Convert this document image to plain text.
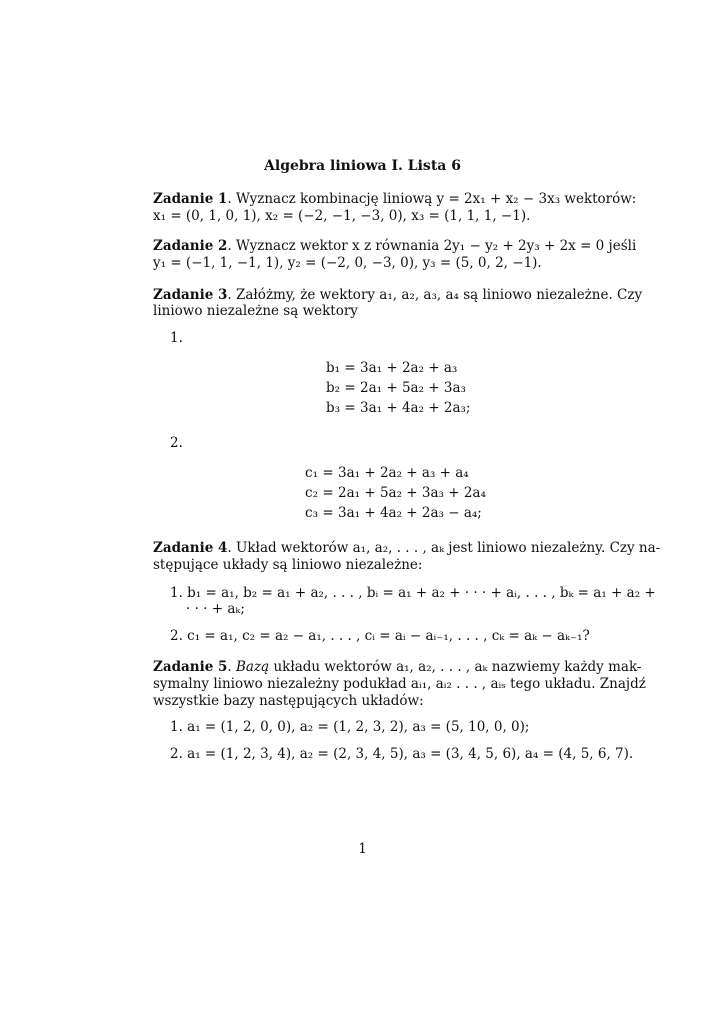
Algebra liniowa I. Lista 6
Zadanie 1. Wyznacz kombinację liniową y = 2x₁ + x₂ − 3x₃ wektorów:
x₁ = (0, 1, 0, 1), x₂ = (−2, −1, −3, 0), x₃ = (1, 1, 1, −1).
Zadanie 2. Wyznacz wektor x z równania 2y₁ − y₂ + 2y₃ + 2x = 0 jeśli
y₁ = (−1, 1, −1, 1), y₂ = (−2, 0, −3, 0), y₃ = (5, 0, 2, −1).
Zadanie 3. Załóżmy, że wektory a₁, a₂, a₃, a₄ są liniowo niezależne. Czy
liniowo niezależne są wektory
1.
b₁ = 3a₁ + 2a₂ + a₃
b₂ = 2a₁ + 5a₂ + 3a₃
b₃ = 3a₁ + 4a₂ + 2a₃;
2.
c₁ = 3a₁ + 2a₂ + a₃ + a₄
c₂ = 2a₁ + 5a₂ + 3a₃ + 2a₄
c₃ = 3a₁ + 4a₂ + 2a₃ − a₄;
Zadanie 4. Układ wektorów a₁, a₂, . . . , aₖ jest liniowo niezależny. Czy na-
stępujące układy są liniowo niezależne:
1. b₁ = a₁, b₂ = a₁ + a₂, . . . , bᵢ = a₁ + a₂ + · · · + aᵢ, . . . , bₖ = a₁ + a₂ +
· · · + aₖ;
2. c₁ = a₁, c₂ = a₂ − a₁, . . . , cᵢ = aᵢ − aᵢ₋₁, . . . , cₖ = aₖ − aₖ₋₁?
Zadanie 5. Bazą układu wektorów a₁, a₂, . . . , aₖ nazwiemy każdy mak-
symalny liniowo niezależny podukład aᵢ₁, aᵢ₂ . . . , aᵢₛ tego układu. Znajdź
wszystkie bazy następujących układów:
1. a₁ = (1, 2, 0, 0), a₂ = (1, 2, 3, 2), a₃ = (5, 10, 0, 0);
2. a₁ = (1, 2, 3, 4), a₂ = (2, 3, 4, 5), a₃ = (3, 4, 5, 6), a₄ = (4, 5, 6, 7).
1
